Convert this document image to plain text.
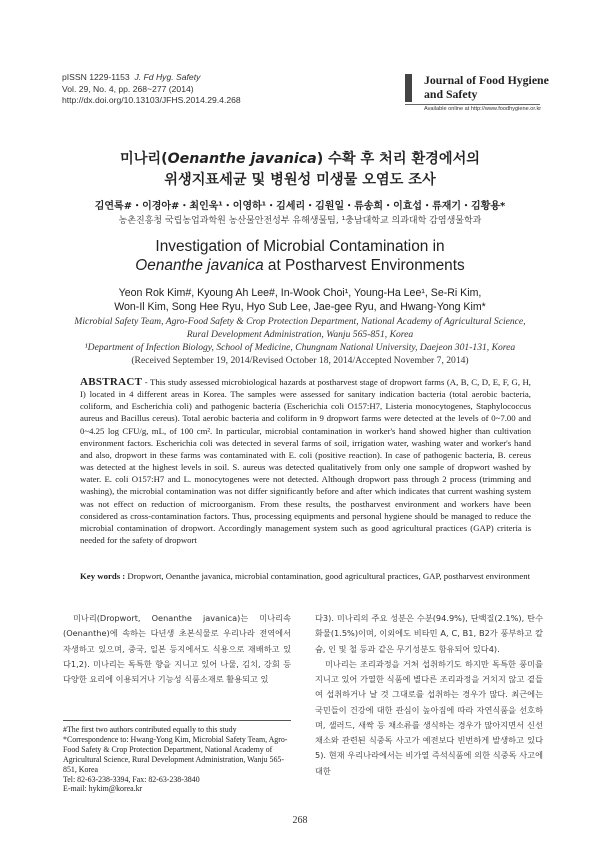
pISSN 1229-1153 J. Fd Hyg. Safety
Vol. 29, No. 4, pp. 268~277 (2014)
http://dx.doi.org/10.13103/JFHS.2014.29.4.268
Journal of Food Hygiene
and Safety
Available online at http://www.foodhygiene.or.kr
미나리(Oenanthe javanica) 수확 후 처리 환경에서의
위생지표세균 및 병원성 미생물 오염도 조사
김연록#・이경아#・최인욱¹・이영하¹・김세리・김원일・류송희・이효섭・류재기・김황용*
농촌진흥청 국립농업과학원 농산물안전성부 유해생물팀, ¹충남대학교 의과대학 감염생물학과
Investigation of Microbial Contamination in
Oenanthe javanica at Postharvest Environments
Yeon Rok Kim#, Kyoung Ah Lee#, In-Wook Choi¹, Young-Ha Lee¹, Se-Ri Kim,
Won-Il Kim, Song Hee Ryu, Hyo Sub Lee, Jae-gee Ryu, and Hwang-Yong Kim*
Microbial Safety Team, Agro-Food Safety & Crop Protection Department, National Academy of Agricultural Science,
Rural Development Administration, Wanju 565-851, Korea
¹Department of Infection Biology, School of Medicine, Chungnam National University, Daejeon 301-131, Korea
(Received September 19, 2014/Revised October 18, 2014/Accepted November 7, 2014)
ABSTRACT - This study assessed microbiological hazards at postharvest stage of dropwort farms (A, B, C, D, E, F, G, H, I) located in 4 different areas in Korea. The samples were assessed for sanitary indication bacteria (total aerobic bacteria, coliform, and Escherichia coli) and pathogenic bacteria (Escherichia coli O157:H7, Listeria monocytogenes, Staphylococcus aureus and Bacillus cereus). Total aerobic bacteria and coliform in 9 dropwort farms were detected at the levels of 0~7.00 and 0~4.25 log CFU/g, mL, of 100 cm². In particular, microbial contamination in worker's hand showed higher than cultivation environment factors. Escherichia coli was detected in several farms of soil, irrigation water, washing water and worker's hand and also, dropwort in these farms was contaminated with E. coli (positive reaction). In case of pathogenic bacteria, B. cereus was detected at the highest levels in soil. S. aureus was detected qualitatively from only one sample of dropwort washed by water. E. coli O157:H7 and L. monocytogenes were not detected. Although dropwort pass through 2 process (trimming and washing), the microbial contamination was not differ significantly before and after which indicates that current washing system was not effect on reduction of microorganism. From these results, the postharvest environment and workers have been considered as cross-contamination factors. Thus, processing equipments and personal hygiene should be managed to reduce the microbial contamination of dropwort. Accordingly management system such as good agricultural practices (GAP) criteria is needed for the safety of dropwort
Key words : Dropwort, Oenanthe javanica, microbial contamination, good agricultural practices, GAP, postharvest environment

미나리(Dropwort, Oenanthe javanica)는 미나리속(Oenanthe)에 속하는 다년생 초본식물로 우리나라 전역에서 자생하고 있으며, 중국, 일본 등지에서도 식용으로 재배하고 있다1,2). 미나리는 독특한 향을 지니고 있어 나물, 김치, 강회 등 다양한 요리에 이용되거나 기능성 식품소재로 활용되고 있

#The first two authors contributed equally to this study

*Correspondence to: Hwang-Yong Kim, Microbial Safety Team, Agro-Food Safety & Crop Protection Department, National Academy of Agricultural Science, Rural Development Administration, Wanju 565-851, Korea

Tel: 82-63-238-3394, Fax: 82-63-238-3840

E-mail: hykim@korea.kr

다3). 미나리의 주요 성분은 수분(94.9%), 단백질(2.1%), 탄수화물(1.5%)이며, 이외에도 비타민 A, C, B1, B2가 풍부하고 칼슘, 인 및 철 등과 같은 무기성분도 함유되어 있다4).

미나리는 조리과정을 거쳐 섭취하기도 하지만 독특한 풍미를 지니고 있어 가열한 식품에 별다른 조리과정을 거치지 않고 곁들여 섭취하거나 날 것 그대로를 섭취하는 경우가 많다. 최근에는 국민들이 건강에 대한 관심이 높아짐에 따라 자연식품을 선호하며, 샐러드, 새싹 등 채소류를 생식하는 경우가 많아지면서 신선 채소와 관련된 식중독 사고가 예전보다 빈번하게 발생하고 있다5). 현재 우리나라에서는 비가열 즉석식품에 의한 식중독 사고에 대한

268
